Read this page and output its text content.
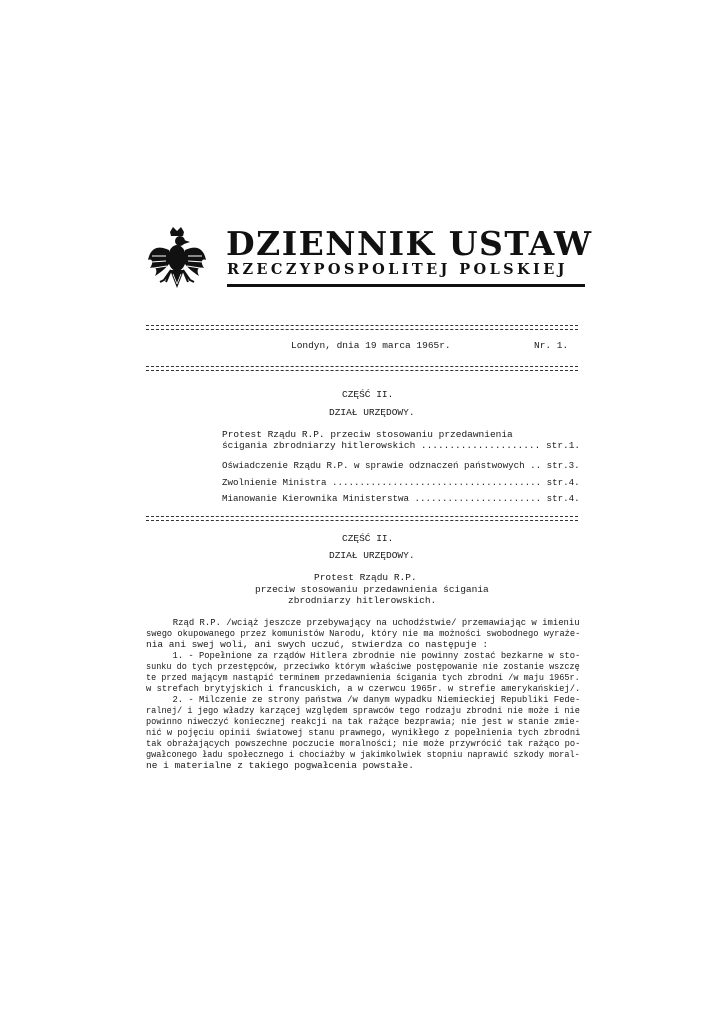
DZIENNIK USTAW
RZECZYPOSPOLITEJ POLSKIEJ
Londyn, dnia 19 marca 1965r.	Nr. 1.
CZĘŚĆ II.
DZIAŁ URZĘDOWY.
Protest Rządu R.P. przeciw stosowaniu przedawnienia
ścigania zbrodniarzy hitlerowskich ..................... str.1.
Oświadczenie Rządu R.P. w sprawie odznaczeń państwowych .. str.3.
Zwolnienie Ministra ...................................... str.4.
Mianowanie Kierownika Ministerstwa ....................... str.4.
CZĘŚĆ II.
DZIAŁ URZĘDOWY.
Protest Rządu R.P.
przeciw stosowaniu przedawnienia ścigania
zbrodniarzy hitlerowskich.
Rząd R.P. /wciąż jeszcze przebywający na uchodźstwie/ przemawiając w imieniu
swego okupowanego przez komunistów Narodu, który nie ma możności swobodnego wyraże-
nia ani swej woli, ani swych uczuć, stwierdza co następuje :
1. - Popełnione za rządów Hitlera zbrodnie nie powinny zostać bezkarne w sto-
sunku do tych przestępców, przeciwko którym właściwe postępowanie nie zostanie wszczę
te przed mającym nastąpić terminem przedawnienia ścigania tych zbrodni /w maju 1965r.
w strefach brytyjskich i francuskich, a w czerwcu 1965r. w strefie amerykańskiej/.
2. - Milczenie ze strony państwa /w danym wypadku Niemieckiej Republiki Fede-
ralnej/ i jego władzy karzącej względem sprawców tego rodzaju zbrodni nie może i nie
powinno niweczyć koniecznej reakcji na tak rażące bezprawia; nie jest w stanie zmie-
nić w pojęciu opinii światowej stanu prawnego, wynikłego z popełnienia tych zbrodni
tak obrażających powszechne poczucie moralności; nie może przywrócić tak rażąco po-
gwałconego ładu społecznego i chociażby w jakimkolwiek stopniu naprawić szkody moral-
ne i materialne z takiego pogwałcenia powstałe.
